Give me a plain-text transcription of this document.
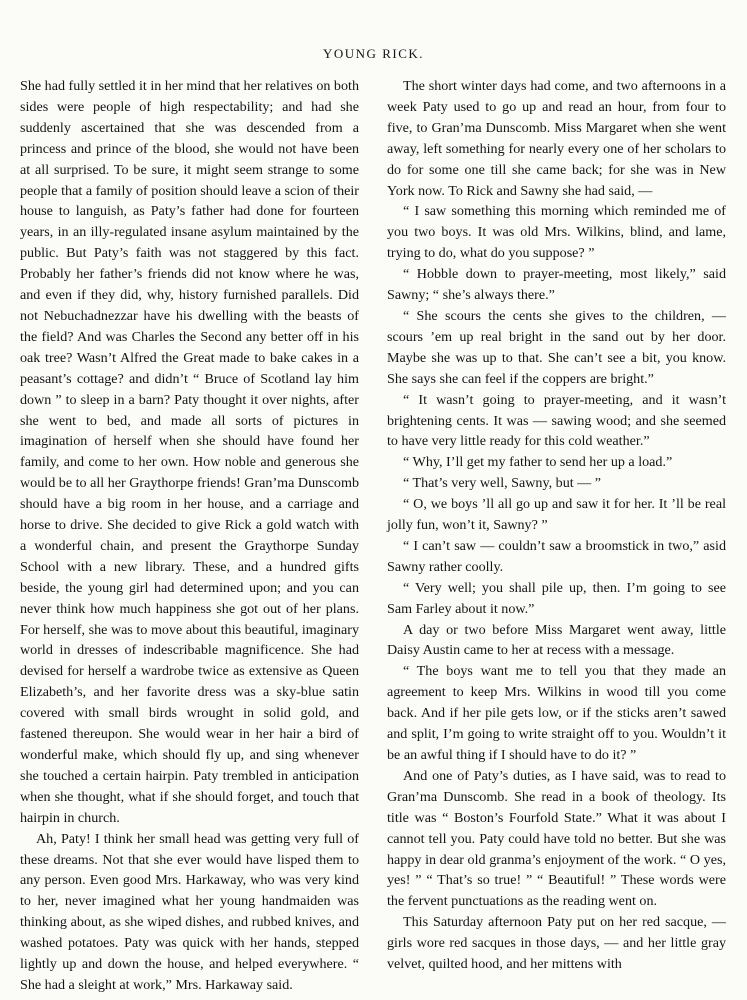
YOUNG RICK.

She had fully settled it in her mind that her relatives on both sides were people of high respectability; and had she suddenly ascertained that she was descended from a princess and prince of the blood, she would not have been at all surprised. To be sure, it might seem strange to some people that a family of position should leave a scion of their house to languish, as Paty’s father had done for fourteen years, in an illy-regulated insane asylum maintained by the public. But Paty’s faith was not staggered by this fact. Probably her father’s friends did not know where he was, and even if they did, why, history furnished parallels. Did not Nebuchadnezzar have his dwelling with the beasts of the field? And was Charles the Second any better off in his oak tree? Wasn’t Alfred the Great made to bake cakes in a peasant’s cottage? and didn’t “ Bruce of Scotland lay him down ” to sleep in a barn? Paty thought it over nights, after she went to bed, and made all sorts of pictures in imagination of herself when she should have found her family, and come to her own. How noble and generous she would be to all her Graythorpe friends! Gran’ma Dunscomb should have a big room in her house, and a carriage and horse to drive. She decided to give Rick a gold watch with a wonderful chain, and present the Graythorpe Sunday School with a new library. These, and a hundred gifts beside, the young girl had determined upon; and you can never think how much happiness she got out of her plans. For herself, she was to move about this beautiful, imaginary world in dresses of indescribable magnificence. She had devised for herself a wardrobe twice as extensive as Queen Elizabeth’s, and her favorite dress was a sky-blue satin covered with small birds wrought in solid gold, and fastened thereupon. She would wear in her hair a bird of wonderful make, which should fly up, and sing whenever she touched a certain hairpin. Paty trembled in anticipation when she thought, what if she should forget, and touch that hairpin in church.

Ah, Paty! I think her small head was getting very full of these dreams. Not that she ever would have lisped them to any person. Even good Mrs. Harkaway, who was very kind to her, never imagined what her young handmaiden was thinking about, as she wiped dishes, and rubbed knives, and washed potatoes. Paty was quick with her hands, stepped lightly up and down the house, and helped everywhere. “ She had a sleight at work,” Mrs. Harkaway said.

The short winter days had come, and two afternoons in a week Paty used to go up and read an hour, from four to five, to Gran’ma Dunscomb. Miss Margaret when she went away, left something for nearly every one of her scholars to do for some one till she came back; for she was in New York now. To Rick and Sawny she had said, —

“ I saw something this morning which reminded me of you two boys. It was old Mrs. Wilkins, blind, and lame, trying to do, what do you suppose? ”

“ Hobble down to prayer-meeting, most likely,” said Sawny; “ she’s always there.”

“ She scours the cents she gives to the children, — scours ’em up real bright in the sand out by her door. Maybe she was up to that. She can’t see a bit, you know. She says she can feel if the coppers are bright.”

“ It wasn’t going to prayer-meeting, and it wasn’t brightening cents. It was — sawing wood; and she seemed to have very little ready for this cold weather.”

“ Why, I’ll get my father to send her up a load.”

“ That’s very well, Sawny, but — ”

“ O, we boys ’ll all go up and saw it for her. It ’ll be real jolly fun, won’t it, Sawny? ”

“ I can’t saw — couldn’t saw a broomstick in two,” asid Sawny rather coolly.

“ Very well; you shall pile up, then. I’m going to see Sam Farley about it now.”

A day or two before Miss Margaret went away, little Daisy Austin came to her at recess with a message.

“ The boys want me to tell you that they made an agreement to keep Mrs. Wilkins in wood till you come back. And if her pile gets low, or if the sticks aren’t sawed and split, I’m going to write straight off to you. Wouldn’t it be an awful thing if I should have to do it? ”

And one of Paty’s duties, as I have said, was to read to Gran’ma Dunscomb. She read in a book of theology. Its title was “ Boston’s Fourfold State.” What it was about I cannot tell you. Paty could have told no better. But she was happy in dear old granma’s enjoyment of the work. “ O yes, yes! ” “ That’s so true! ” “ Beautiful! ” These words were the fervent punctuations as the reading went on.

This Saturday afternoon Paty put on her red sacque, — girls wore red sacques in those days, — and her little gray velvet, quilted hood, and her mittens with
